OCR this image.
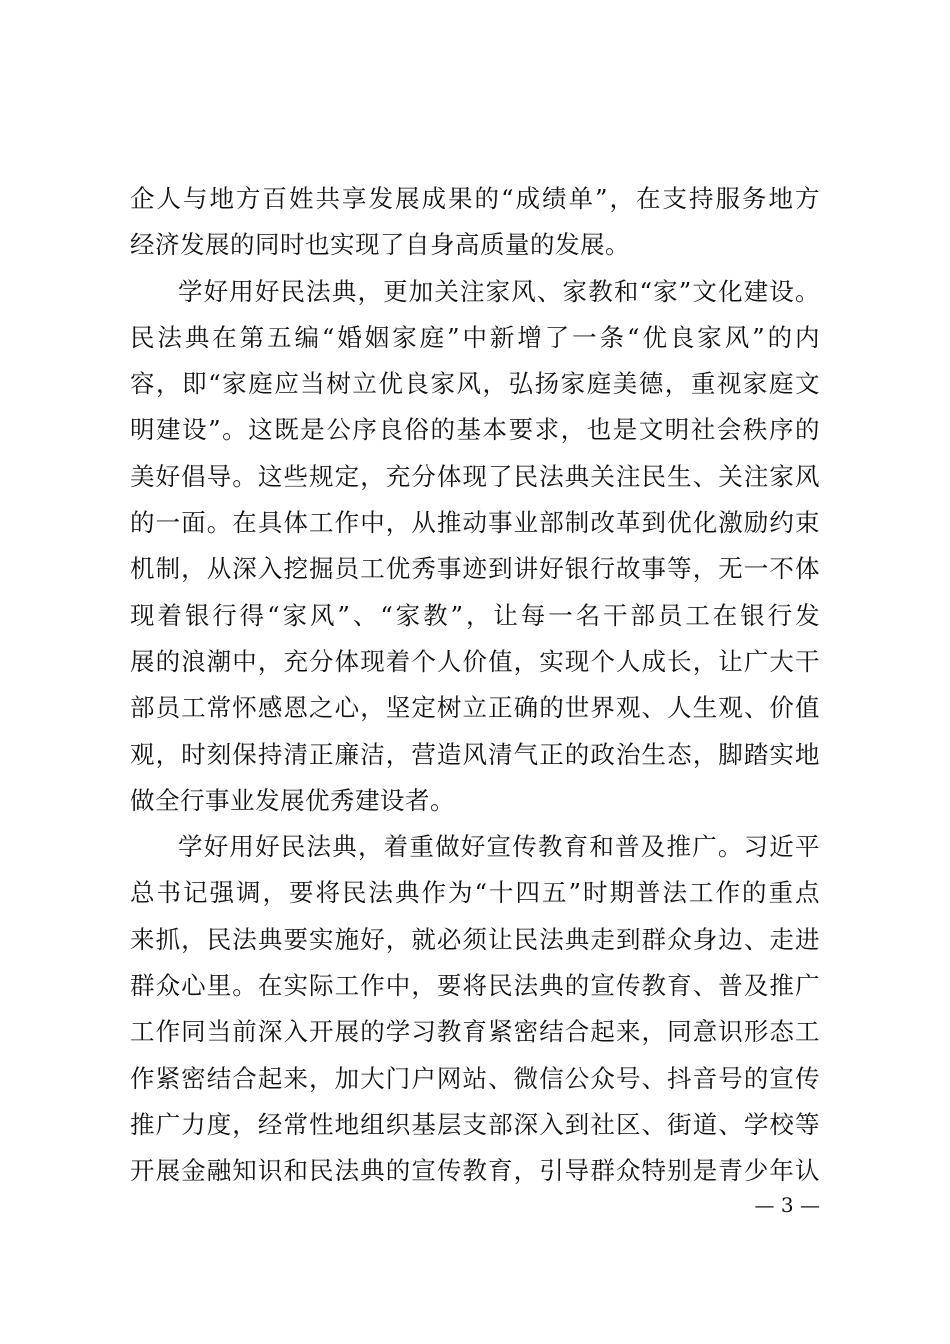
企人与地方百姓共享发展成果的“成绩单”，在支持服务地方
经济发展的同时也实现了自身高质量的发展。
学好用好民法典，更加关注家风、家教和“家”文化建设。
民法典在第五编“婚姻家庭”中新增了一条“优良家风”的内
容，即“家庭应当树立优良家风，弘扬家庭美德，重视家庭文
明建设”。这既是公序良俗的基本要求，也是文明社会秩序的
美好倡导。这些规定，充分体现了民法典关注民生、关注家风
的一面。在具体工作中，从推动事业部制改革到优化激励约束
机制，从深入挖掘员工优秀事迹到讲好银行故事等，无一不体
现着银行得“家风”、“家教”，让每一名干部员工在银行发
展的浪潮中，充分体现着个人价值，实现个人成长，让广大干
部员工常怀感恩之心，坚定树立正确的世界观、人生观、价值
观，时刻保持清正廉洁，营造风清气正的政治生态，脚踏实地
做全行事业发展优秀建设者。
学好用好民法典，着重做好宣传教育和普及推广。习近平
总书记强调，要将民法典作为“十四五”时期普法工作的重点
来抓，民法典要实施好，就必须让民法典走到群众身边、走进
群众心里。在实际工作中，要将民法典的宣传教育、普及推广
工作同当前深入开展的学习教育紧密结合起来，同意识形态工
作紧密结合起来，加大门户网站、微信公众号、抖音号的宣传
推广力度，经常性地组织基层支部深入到社区、街道、学校等
开展金融知识和民法典的宣传教育，引导群众特别是青少年认
— 3 —
